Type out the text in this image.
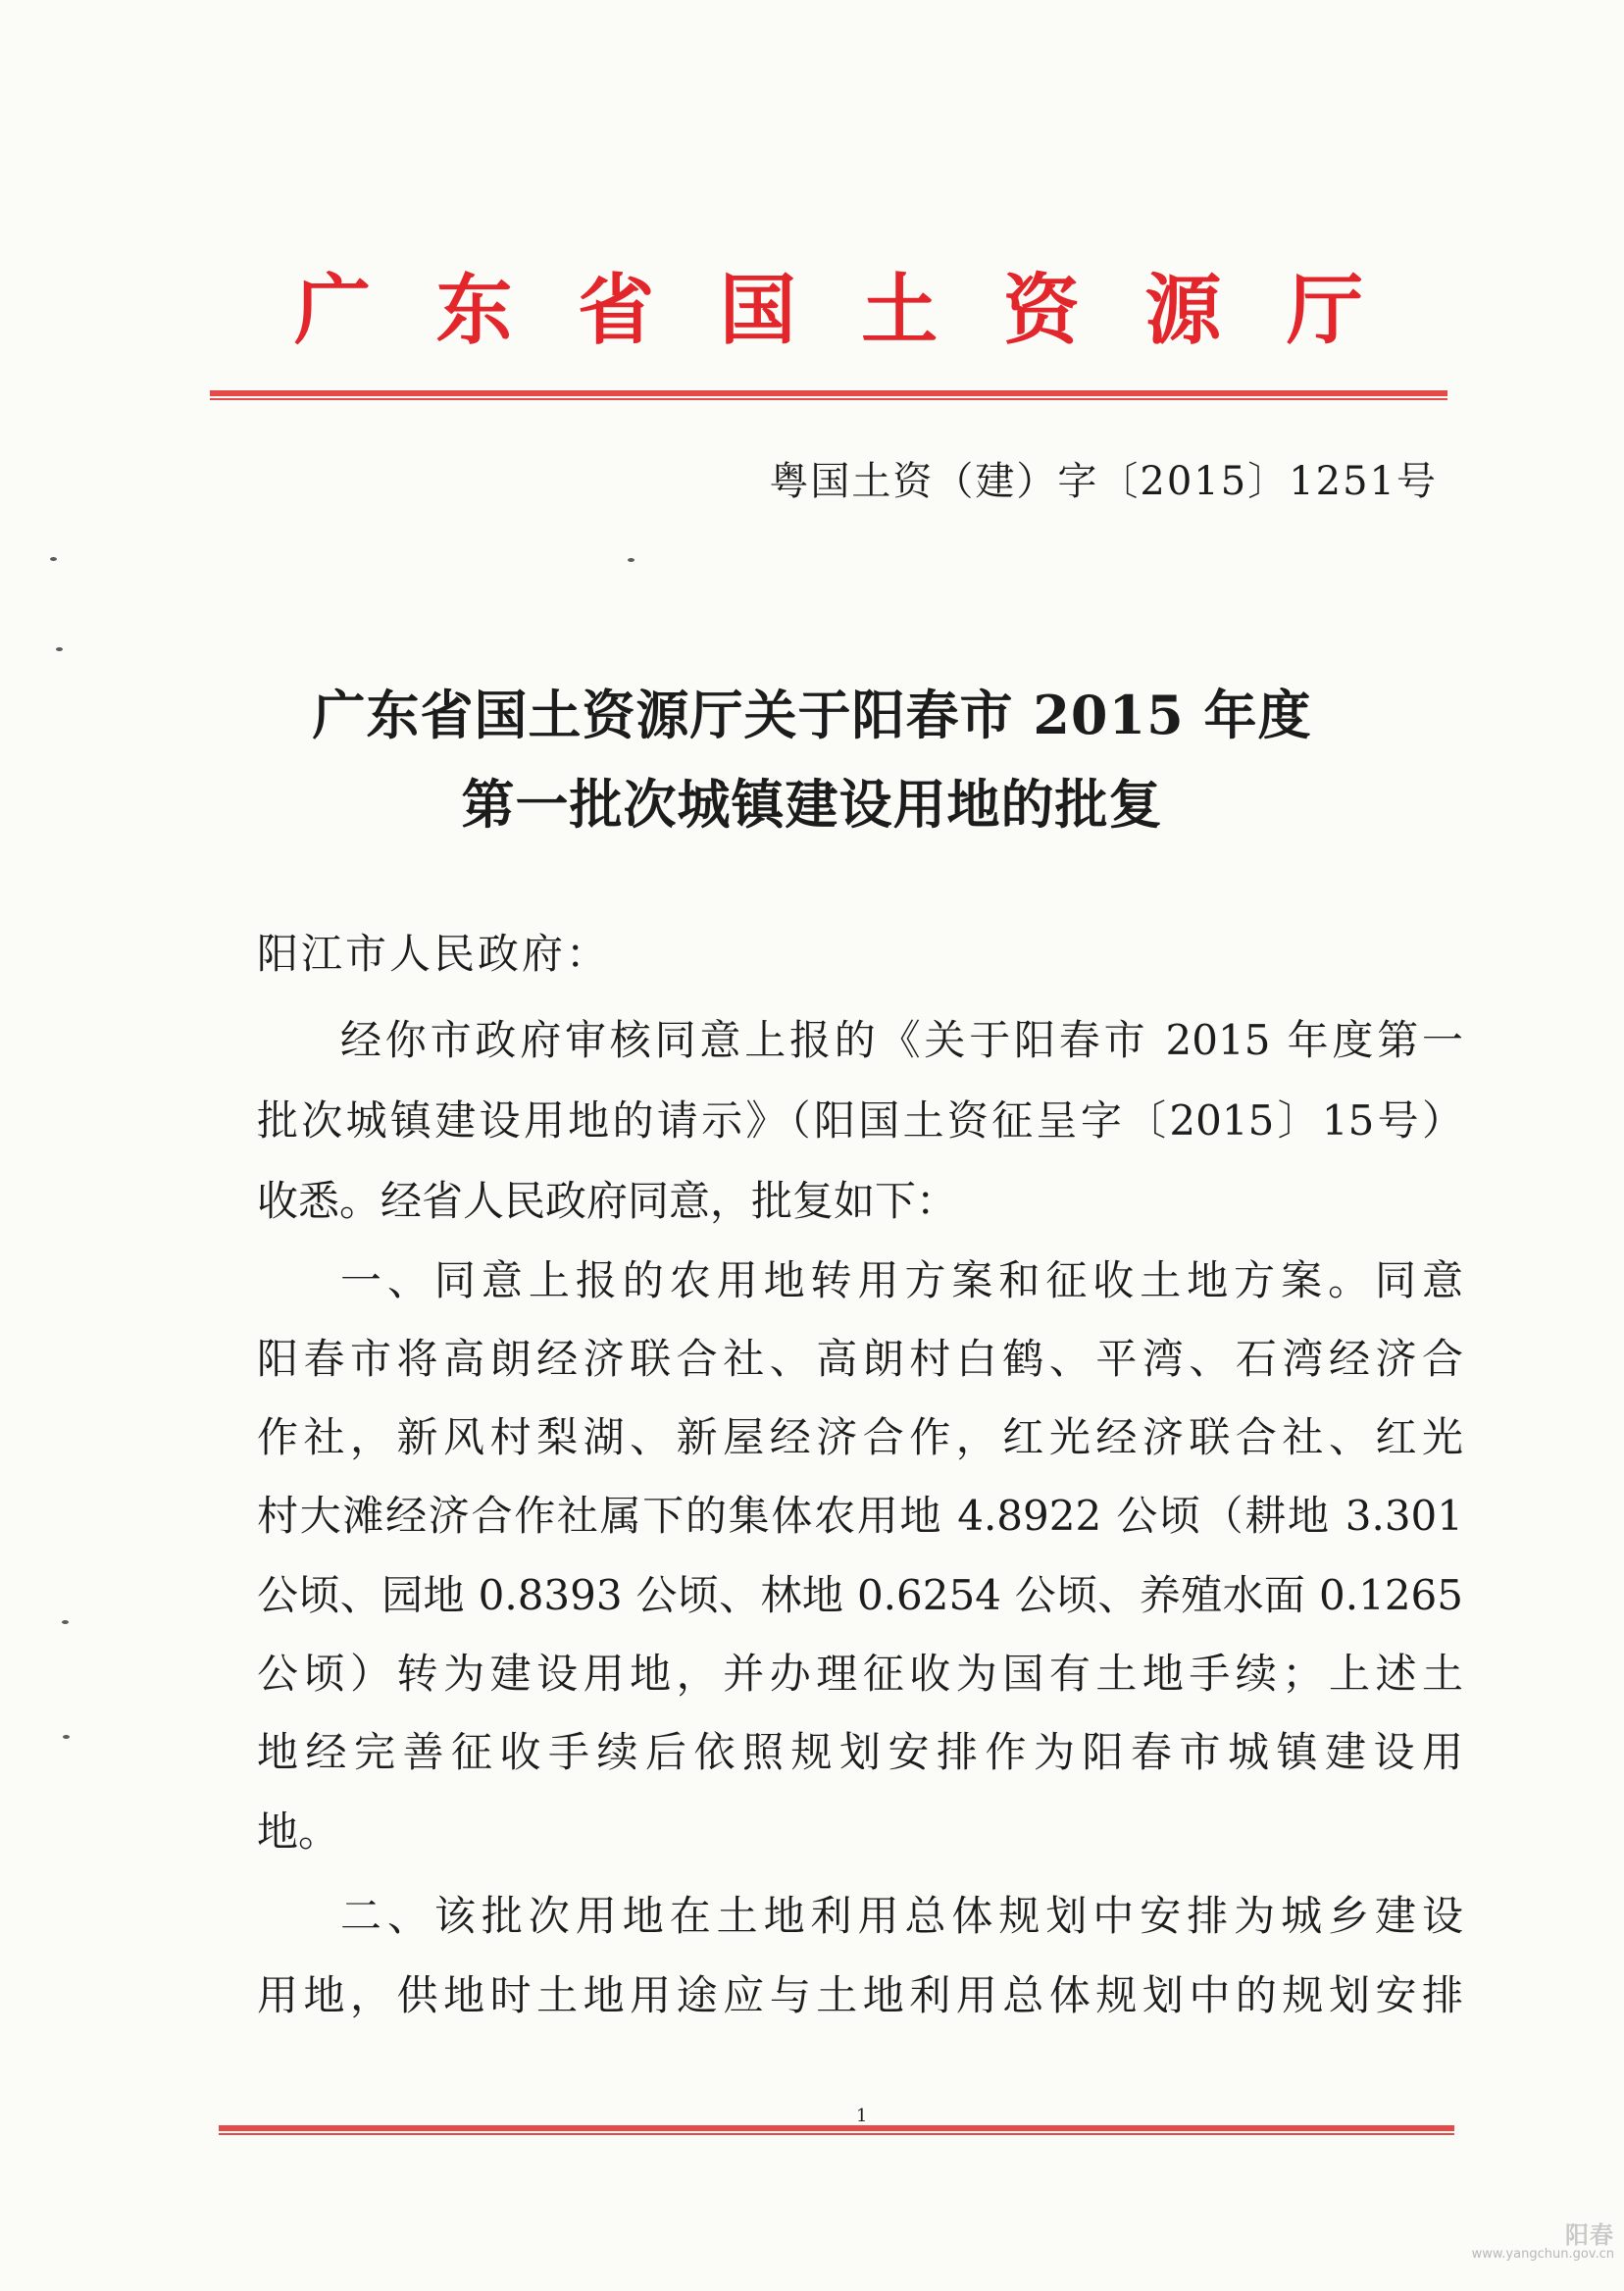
广 东 省 国 土 资 源 厅
粤国土资（建）字〔2015〕1251号
广东省国土资源厅关于阳春市 2015 年度
第一批次城镇建设用地的批复
阳江市人民政府：
经你市政府审核同意上报的《关于阳春市 2015 年度第一
批次城镇建设用地的请示》（阳国土资征呈字〔2015〕15号）
收悉。经省人民政府同意，批复如下：
一、同意上报的农用地转用方案和征收土地方案。同意
阳春市将高朗经济联合社、高朗村白鹤、平湾、石湾经济合
作社，新风村梨湖、新屋经济合作，红光经济联合社、红光
村大滩经济合作社属下的集体农用地 4.8922 公顷（耕地 3.301
公顷、园地 0.8393 公顷、林地 0.6254 公顷、养殖水面 0.1265
公顷）转为建设用地，并办理征收为国有土地手续；上述土
地经完善征收手续后依照规划安排作为阳春市城镇建设用
地。
二、该批次用地在土地利用总体规划中安排为城乡建设
用地，供地时土地用途应与土地利用总体规划中的规划安排
1
阳春
www.yangchun.gov.cn
